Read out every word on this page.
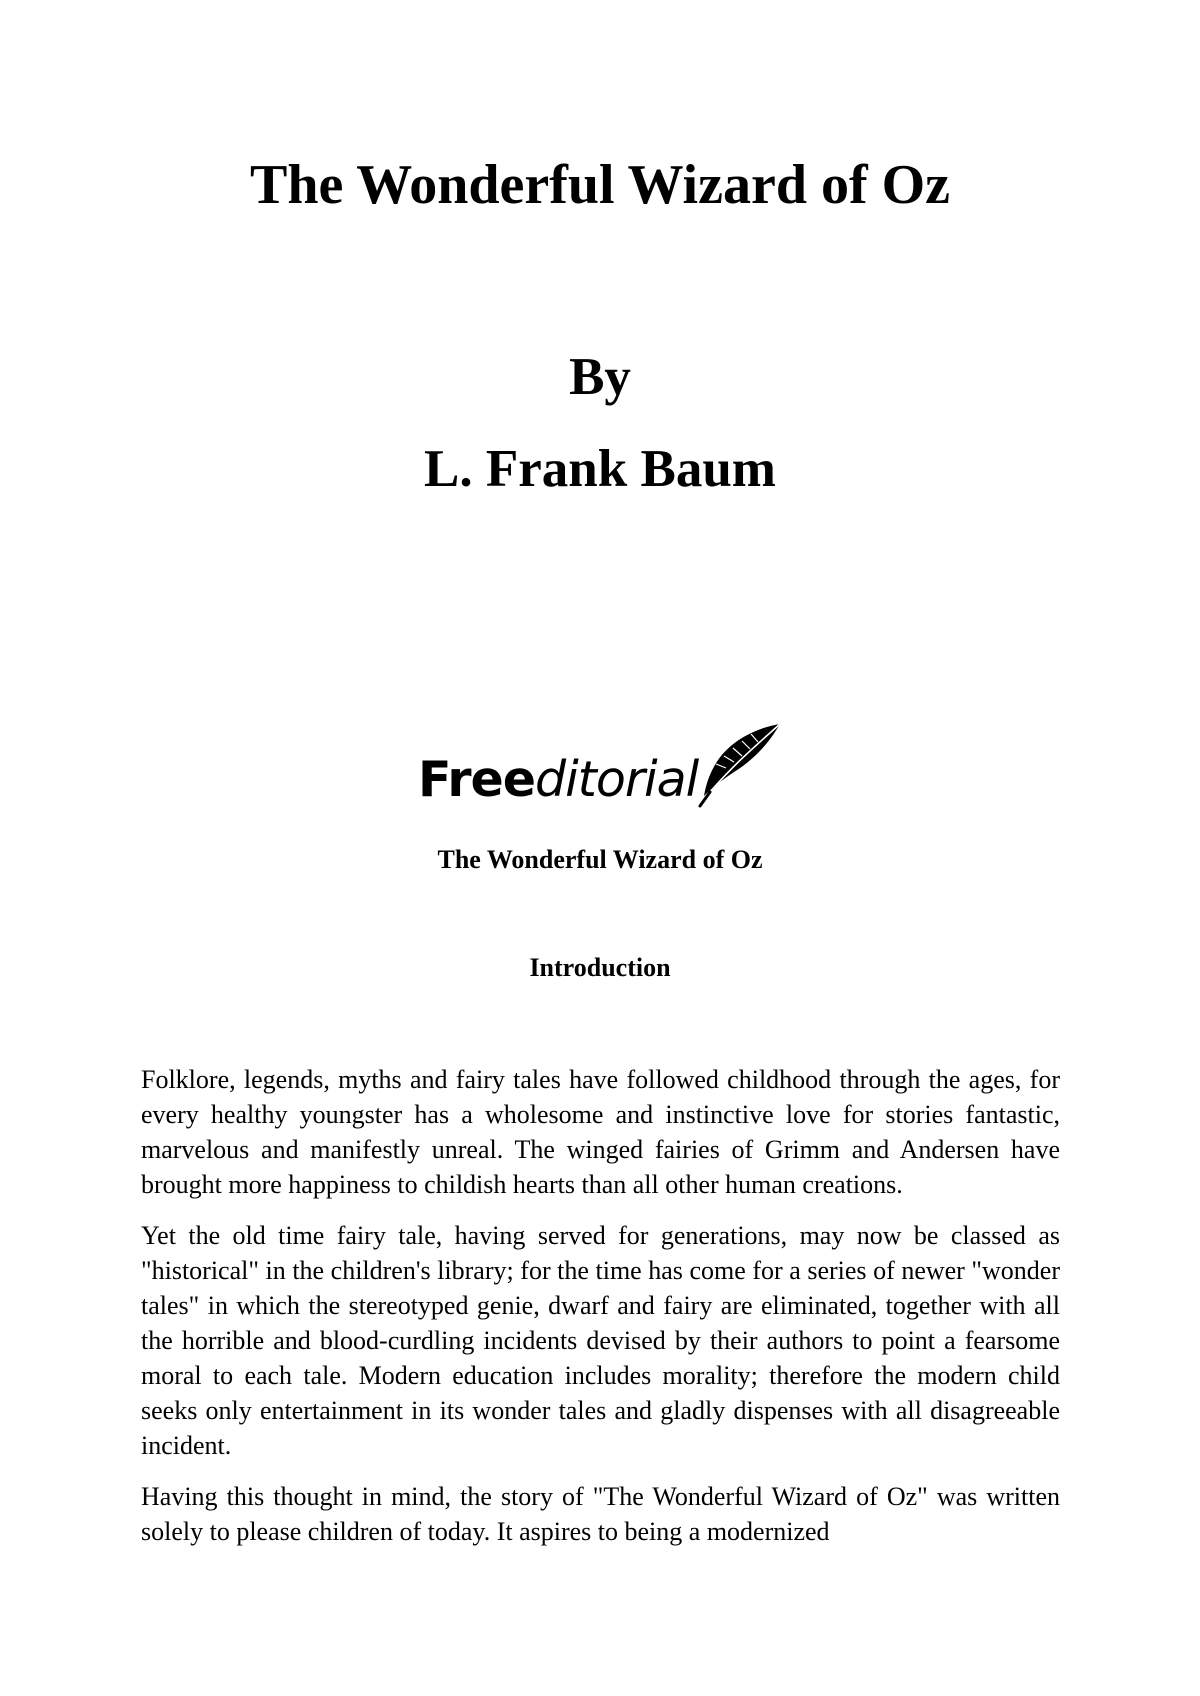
The Wonderful Wizard of Oz
By
L. Frank Baum
Freeditorial
The Wonderful Wizard of Oz
Introduction

Folklore, legends, myths and fairy tales have followed childhood through the ages, for every healthy youngster has a wholesome and instinctive love for stories fantastic, marvelous and manifestly unreal. The winged fairies of Grimm and Andersen have brought more happiness to childish hearts than all other human creations.

Yet the old time fairy tale, having served for generations, may now be classed as "historical" in the children's library; for the time has come for a series of newer "wonder tales" in which the stereotyped genie, dwarf and fairy are eliminated, together with all the horrible and blood-curdling incidents devised by their authors to point a fearsome moral to each tale. Modern education includes morality; therefore the modern child seeks only entertainment in its wonder tales and gladly dispenses with all disagreeable incident.

Having this thought in mind, the story of "The Wonderful Wizard of Oz" was written solely to please children of today. It aspires to being a modernized
